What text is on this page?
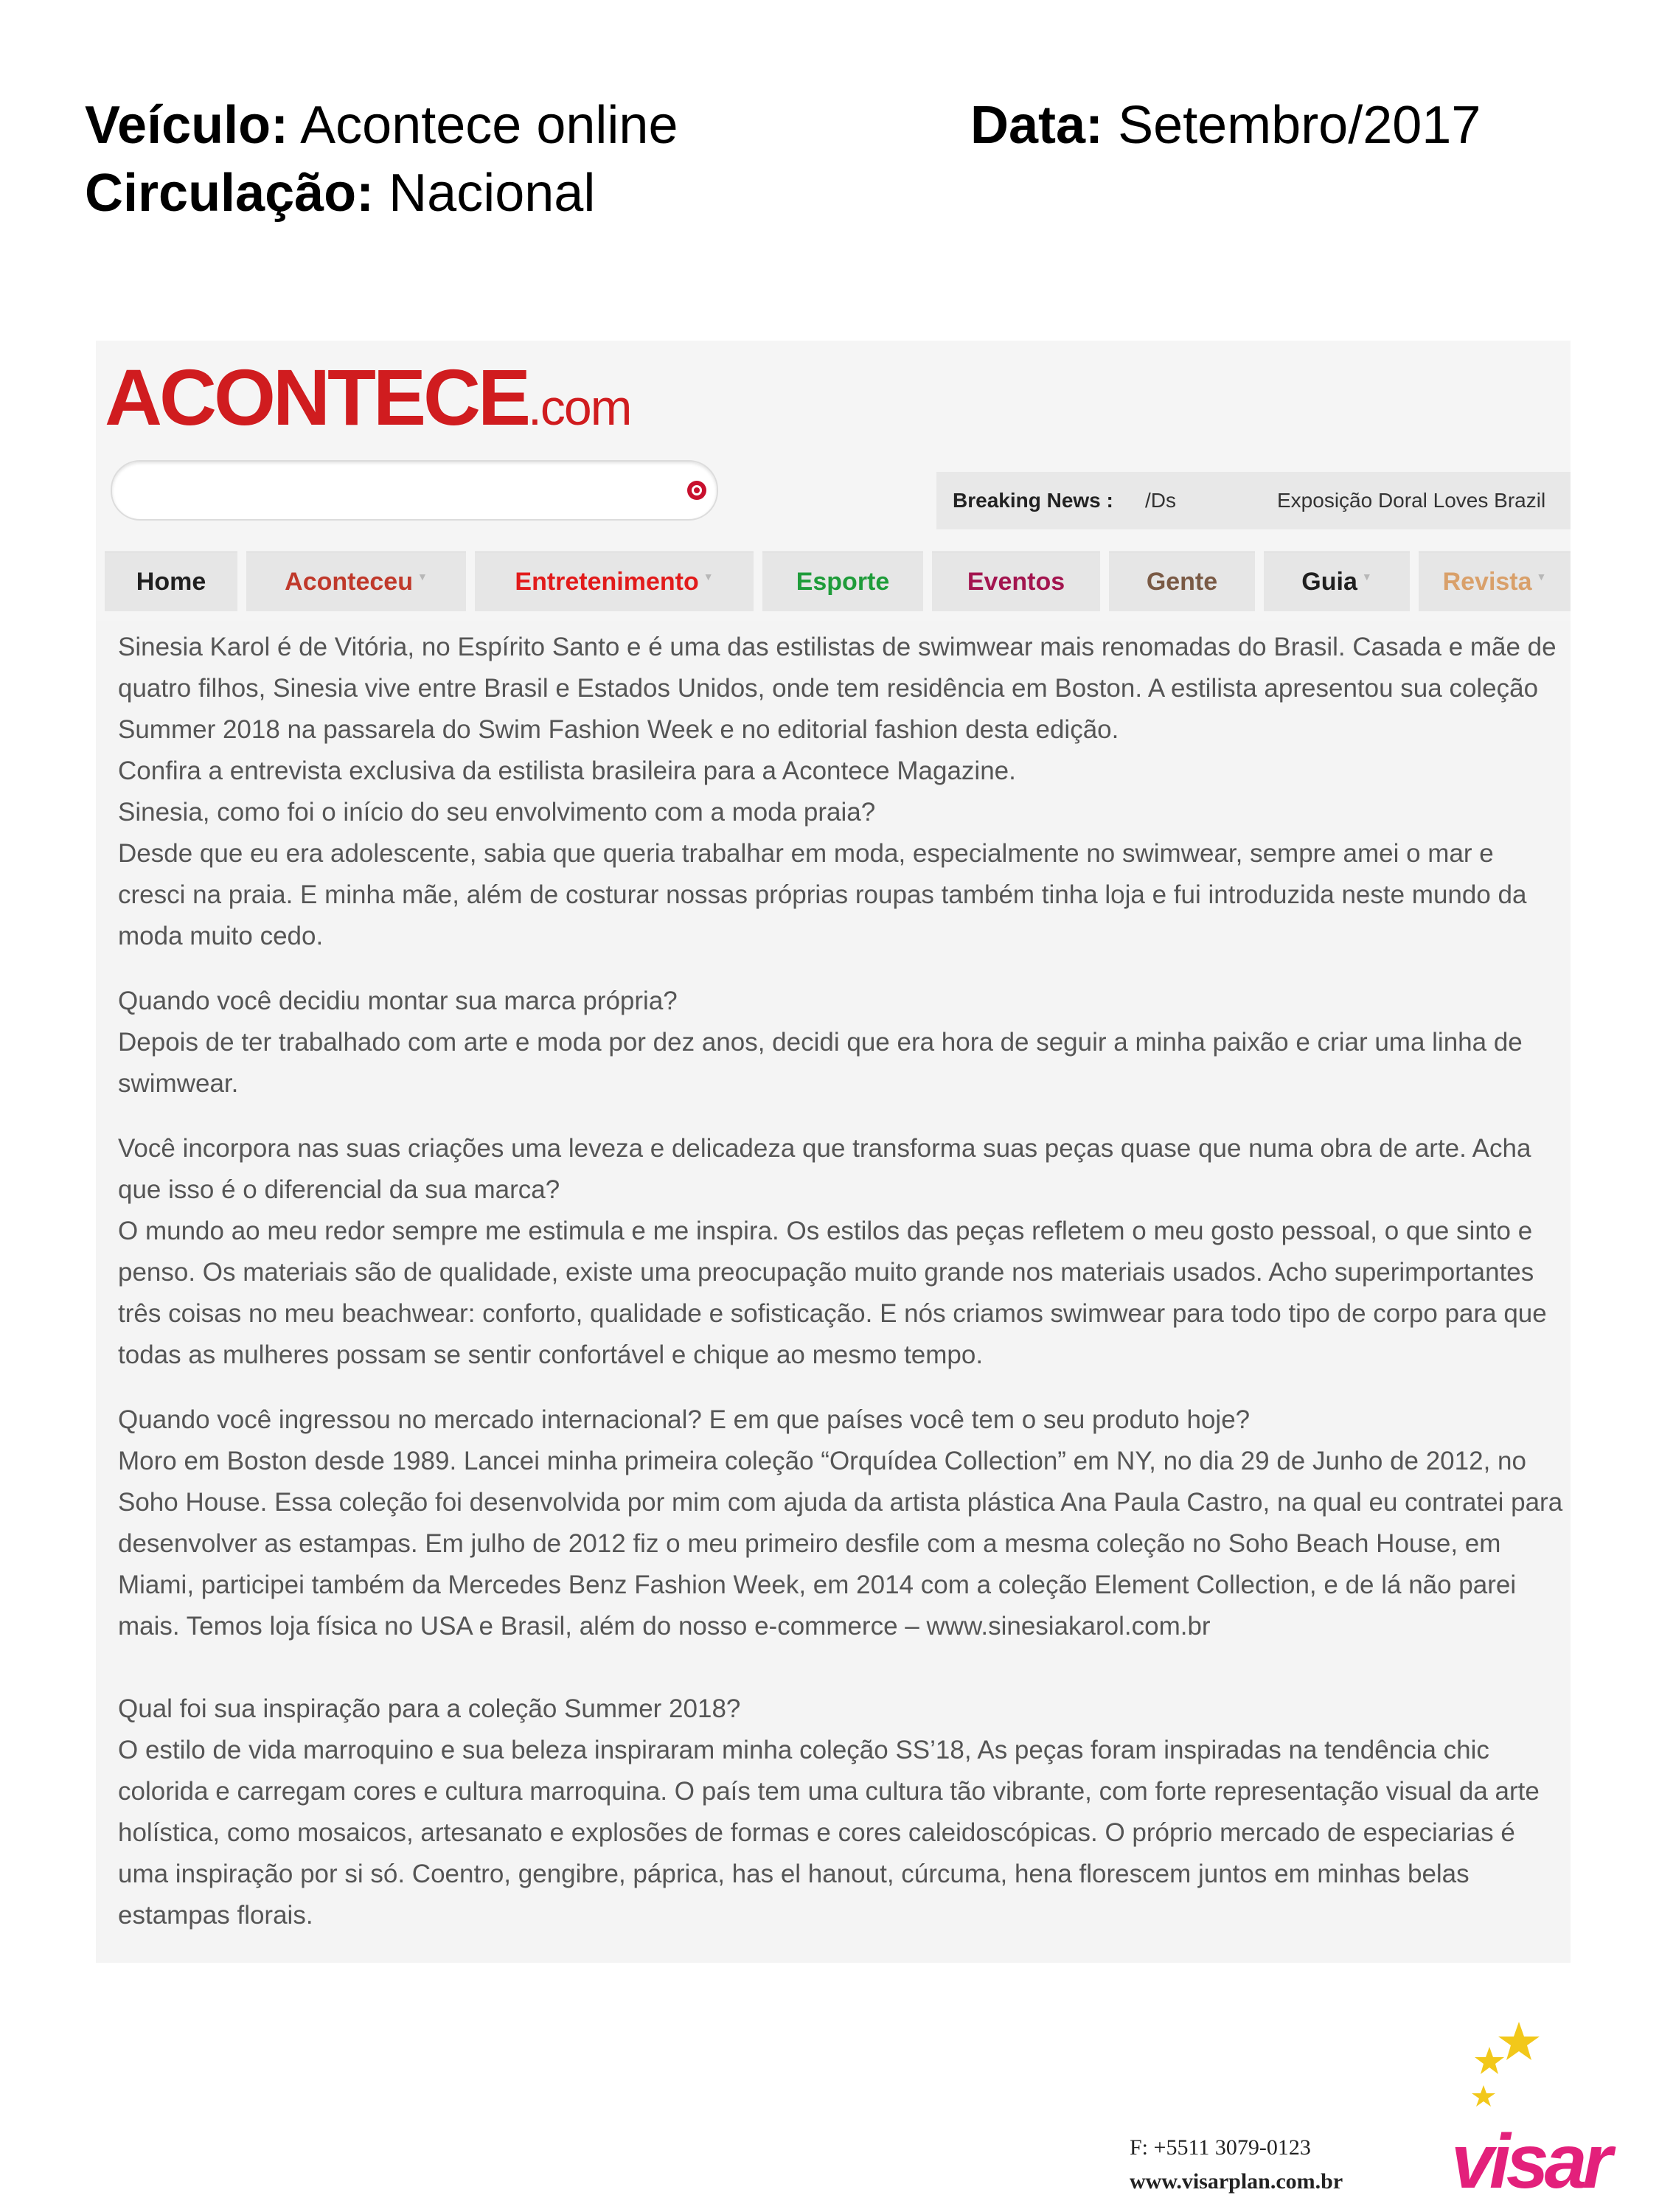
Veículo: Acontece online
Circulação: Nacional
Data: Setembro/2017
ACONTECE.com
Breaking News : /Ds	Exposição Doral Loves Brazil
Home	Aconteceu ▼	Entretenimento ▼	Esporte	Eventos	Gente	Guia ▼	Revista ▼

Sinesia Karol é de Vitória, no Espírito Santo e é uma das estilistas de swimwear mais renomadas do Brasil. Casada e mãe de quatro filhos, Sinesia vive entre Brasil e Estados Unidos, onde tem residência em Boston. A estilista apresentou sua coleção Summer 2018 na passarela do Swim Fashion Week e no editorial fashion desta edição.

Confira a entrevista exclusiva da estilista brasileira para a Acontece Magazine.

Sinesia, como foi o início do seu envolvimento com a moda praia?

Desde que eu era adolescente, sabia que queria trabalhar em moda, especialmente no swimwear, sempre amei o mar e cresci na praia. E minha mãe, além de costurar nossas próprias roupas também tinha loja e fui introduzida neste mundo da moda muito cedo.

Quando você decidiu montar sua marca própria?

Depois de ter trabalhado com arte e moda por dez anos, decidi que era hora de seguir a minha paixão e criar uma linha de swimwear.

Você incorpora nas suas criações uma leveza e delicadeza que transforma suas peças quase que numa obra de arte. Acha que isso é o diferencial da sua marca?

O mundo ao meu redor sempre me estimula e me inspira. Os estilos das peças refletem o meu gosto pessoal, o que sinto e penso. Os materiais são de qualidade, existe uma preocupação muito grande nos materiais usados. Acho superimportantes três coisas no meu beachwear: conforto, qualidade e sofisticação. E nós criamos swimwear para todo tipo de corpo para que todas as mulheres possam se sentir confortável e chique ao mesmo tempo.

Quando você ingressou no mercado internacional? E em que países você tem o seu produto hoje?

Moro em Boston desde 1989. Lancei minha primeira coleção “Orquídea Collection” em NY, no dia 29 de Junho de 2012, no Soho House. Essa coleção foi desenvolvida por mim com ajuda da artista plástica Ana Paula Castro, na qual eu contratei para desenvolver as estampas. Em julho de 2012 fiz o meu primeiro desfile com a mesma coleção no Soho Beach House, em Miami, participei também da Mercedes Benz Fashion Week, em 2014 com a coleção Element Collection, e de lá não parei mais. Temos loja física no USA e Brasil, além do nosso e-commerce – www.sinesiakarol.com.br

Qual foi sua inspiração para a coleção Summer 2018?

O estilo de vida marroquino e sua beleza inspiraram minha coleção SS’18, As peças foram inspiradas na tendência chic colorida e carregam cores e cultura marroquina. O país tem uma cultura tão vibrante, com forte representação visual da arte holística, como mosaicos, artesanato e explosões de formas e cores caleidoscópicas. O próprio mercado de especiarias é uma inspiração por si só. Coentro, gengibre, páprica, has el hanout, cúrcuma, hena florescem juntos em minhas belas estampas florais.

F: +5511 3079-0123
www.visarplan.com.br visar
